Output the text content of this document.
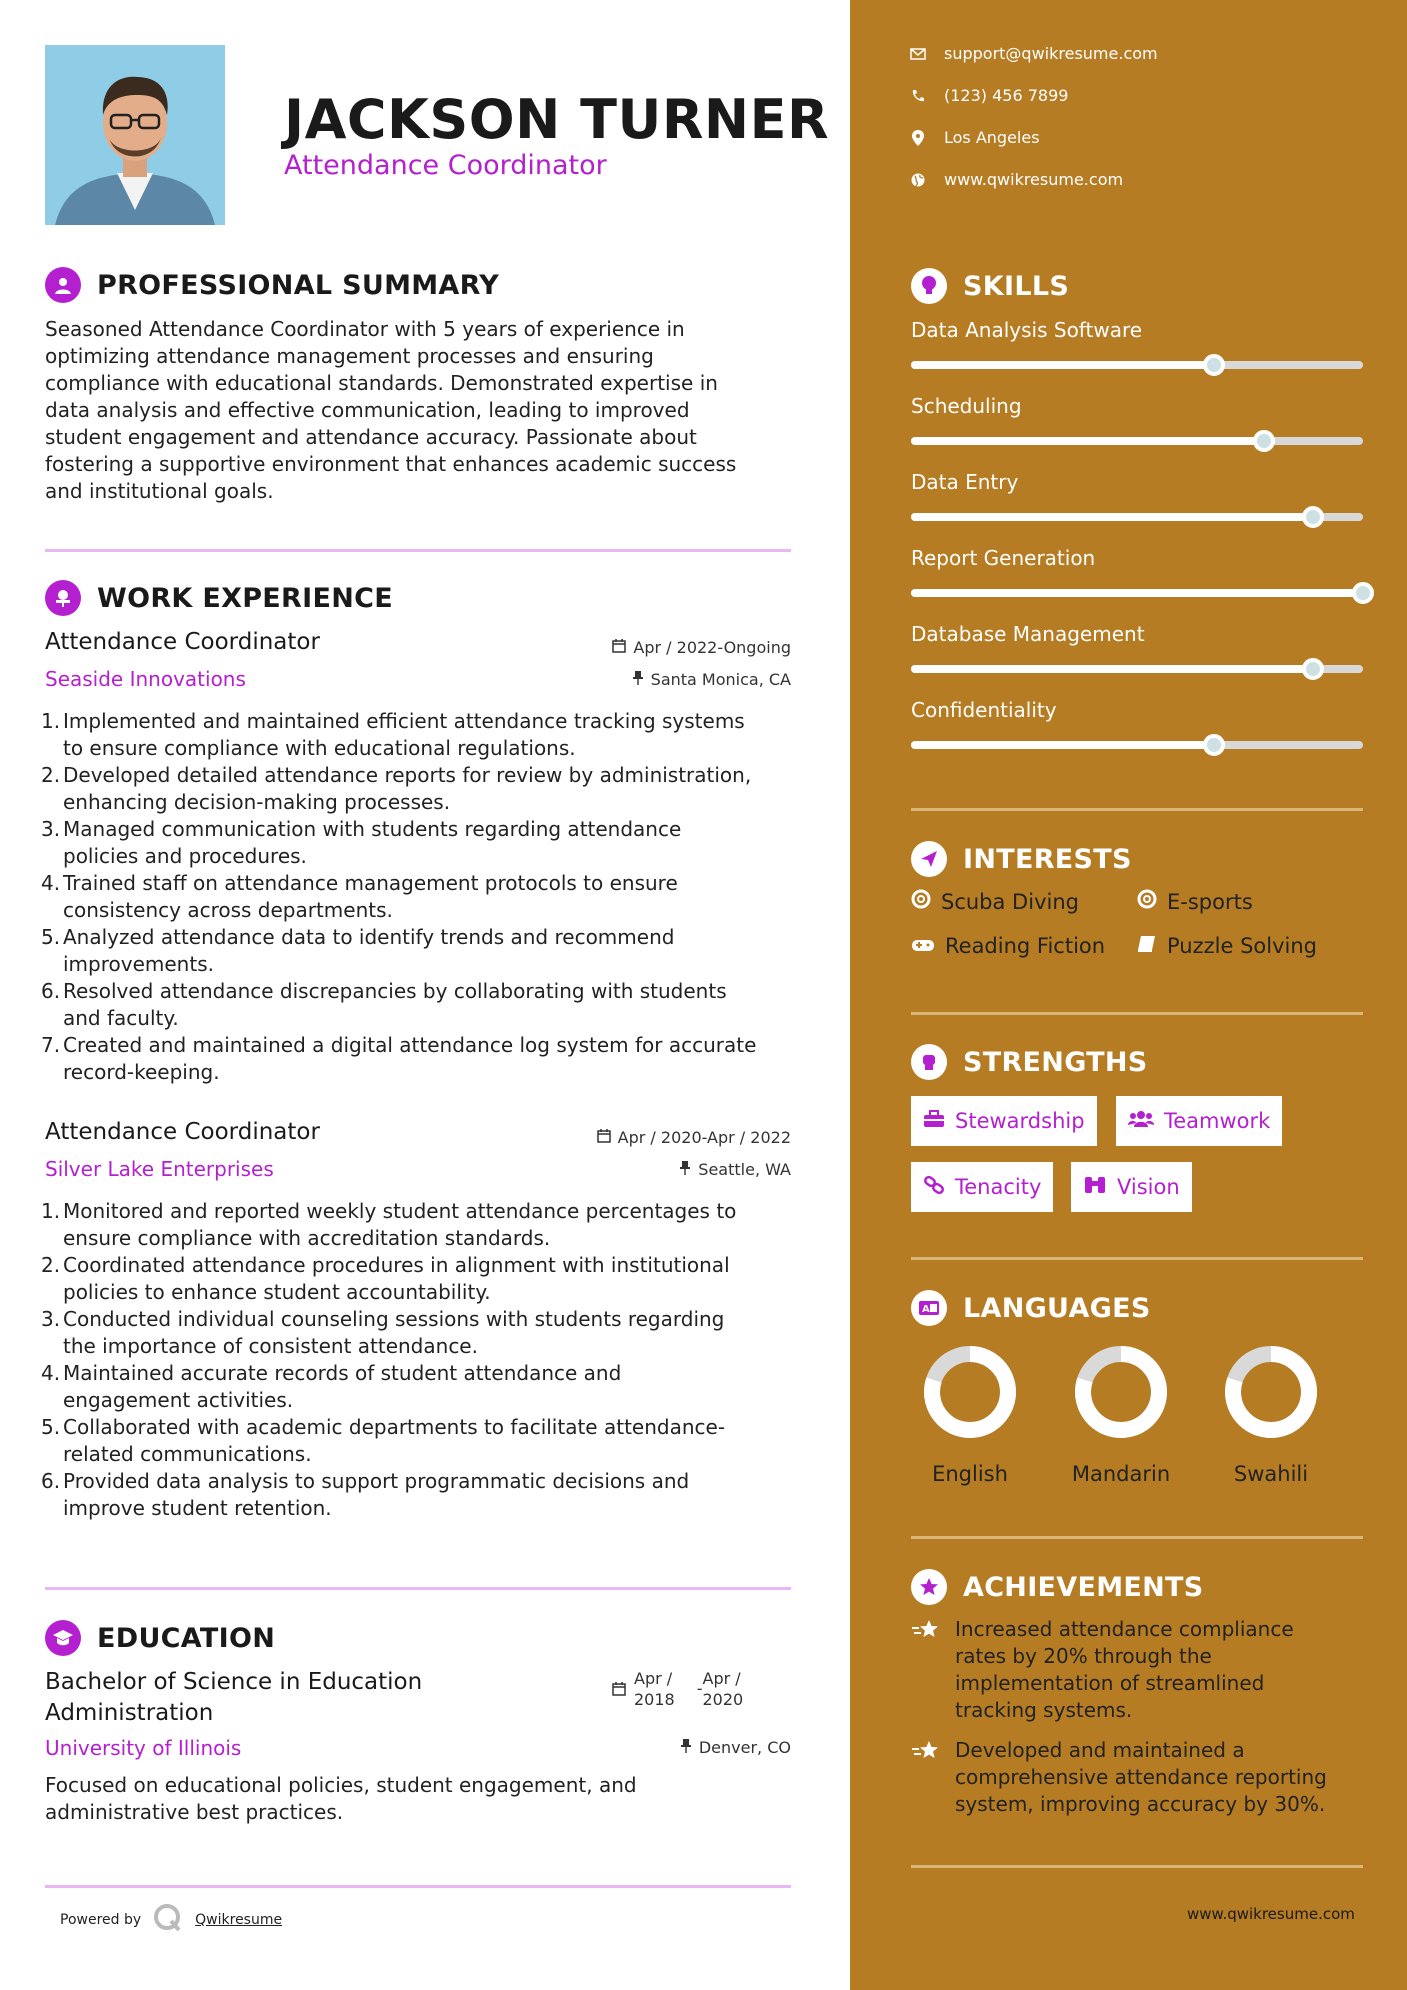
JACKSON TURNER
Attendance Coordinator
PROFESSIONAL SUMMARY
Seasoned Attendance Coordinator with 5 years of experience in
optimizing attendance management processes and ensuring
compliance with educational standards. Demonstrated expertise in
data analysis and effective communication, leading to improved
student engagement and attendance accuracy. Passionate about
fostering a supportive environment that enhances academic success
and institutional goals.
WORK EXPERIENCE
Attendance Coordinator	Apr / 2022-Ongoing
Seaside Innovations	Santa Monica, CA
Implemented and maintained efficient attendance tracking systems
to ensure compliance with educational regulations.
Developed detailed attendance reports for review by administration,
enhancing decision-making processes.
Managed communication with students regarding attendance
policies and procedures.
Trained staff on attendance management protocols to ensure
consistency across departments.
Analyzed attendance data to identify trends and recommend
improvements.
Resolved attendance discrepancies by collaborating with students
and faculty.
Created and maintained a digital attendance log system for accurate
record-keeping.
Attendance Coordinator	Apr / 2020-Apr / 2022
Silver Lake Enterprises	Seattle, WA
Monitored and reported weekly student attendance percentages to
ensure compliance with accreditation standards.
Coordinated attendance procedures in alignment with institutional
policies to enhance student accountability.
Conducted individual counseling sessions with students regarding
the importance of consistent attendance.
Maintained accurate records of student attendance and
engagement activities.
Collaborated with academic departments to facilitate attendance-
related communications.
Provided data analysis to support programmatic decisions and
improve student retention.
EDUCATION
Bachelor of Science in Education
Administration
Apr /
2018
-
Apr /
2020
University of Illinois	Denver, CO
Focused on educational policies, student engagement, and
administrative best practices.
Powered by	Qwikresume
support@qwikresume.com
(123) 456 7899
Los Angeles
www.qwikresume.com
SKILLS
Data Analysis Software
Scheduling
Data Entry
Report Generation
Database Management
Confidentiality
INTERESTS
Scuba Diving	E-sports
Reading Fiction	Puzzle Solving
STRENGTHS
Stewardship	Teamwork
Tenacity	Vision
A LANGUAGES
English	Mandarin	Swahili
ACHIEVEMENTS
Increased attendance compliance
rates by 20% through the
implementation of streamlined
tracking systems.
Developed and maintained a
comprehensive attendance reporting
system, improving accuracy by 30%.
www.qwikresume.com
